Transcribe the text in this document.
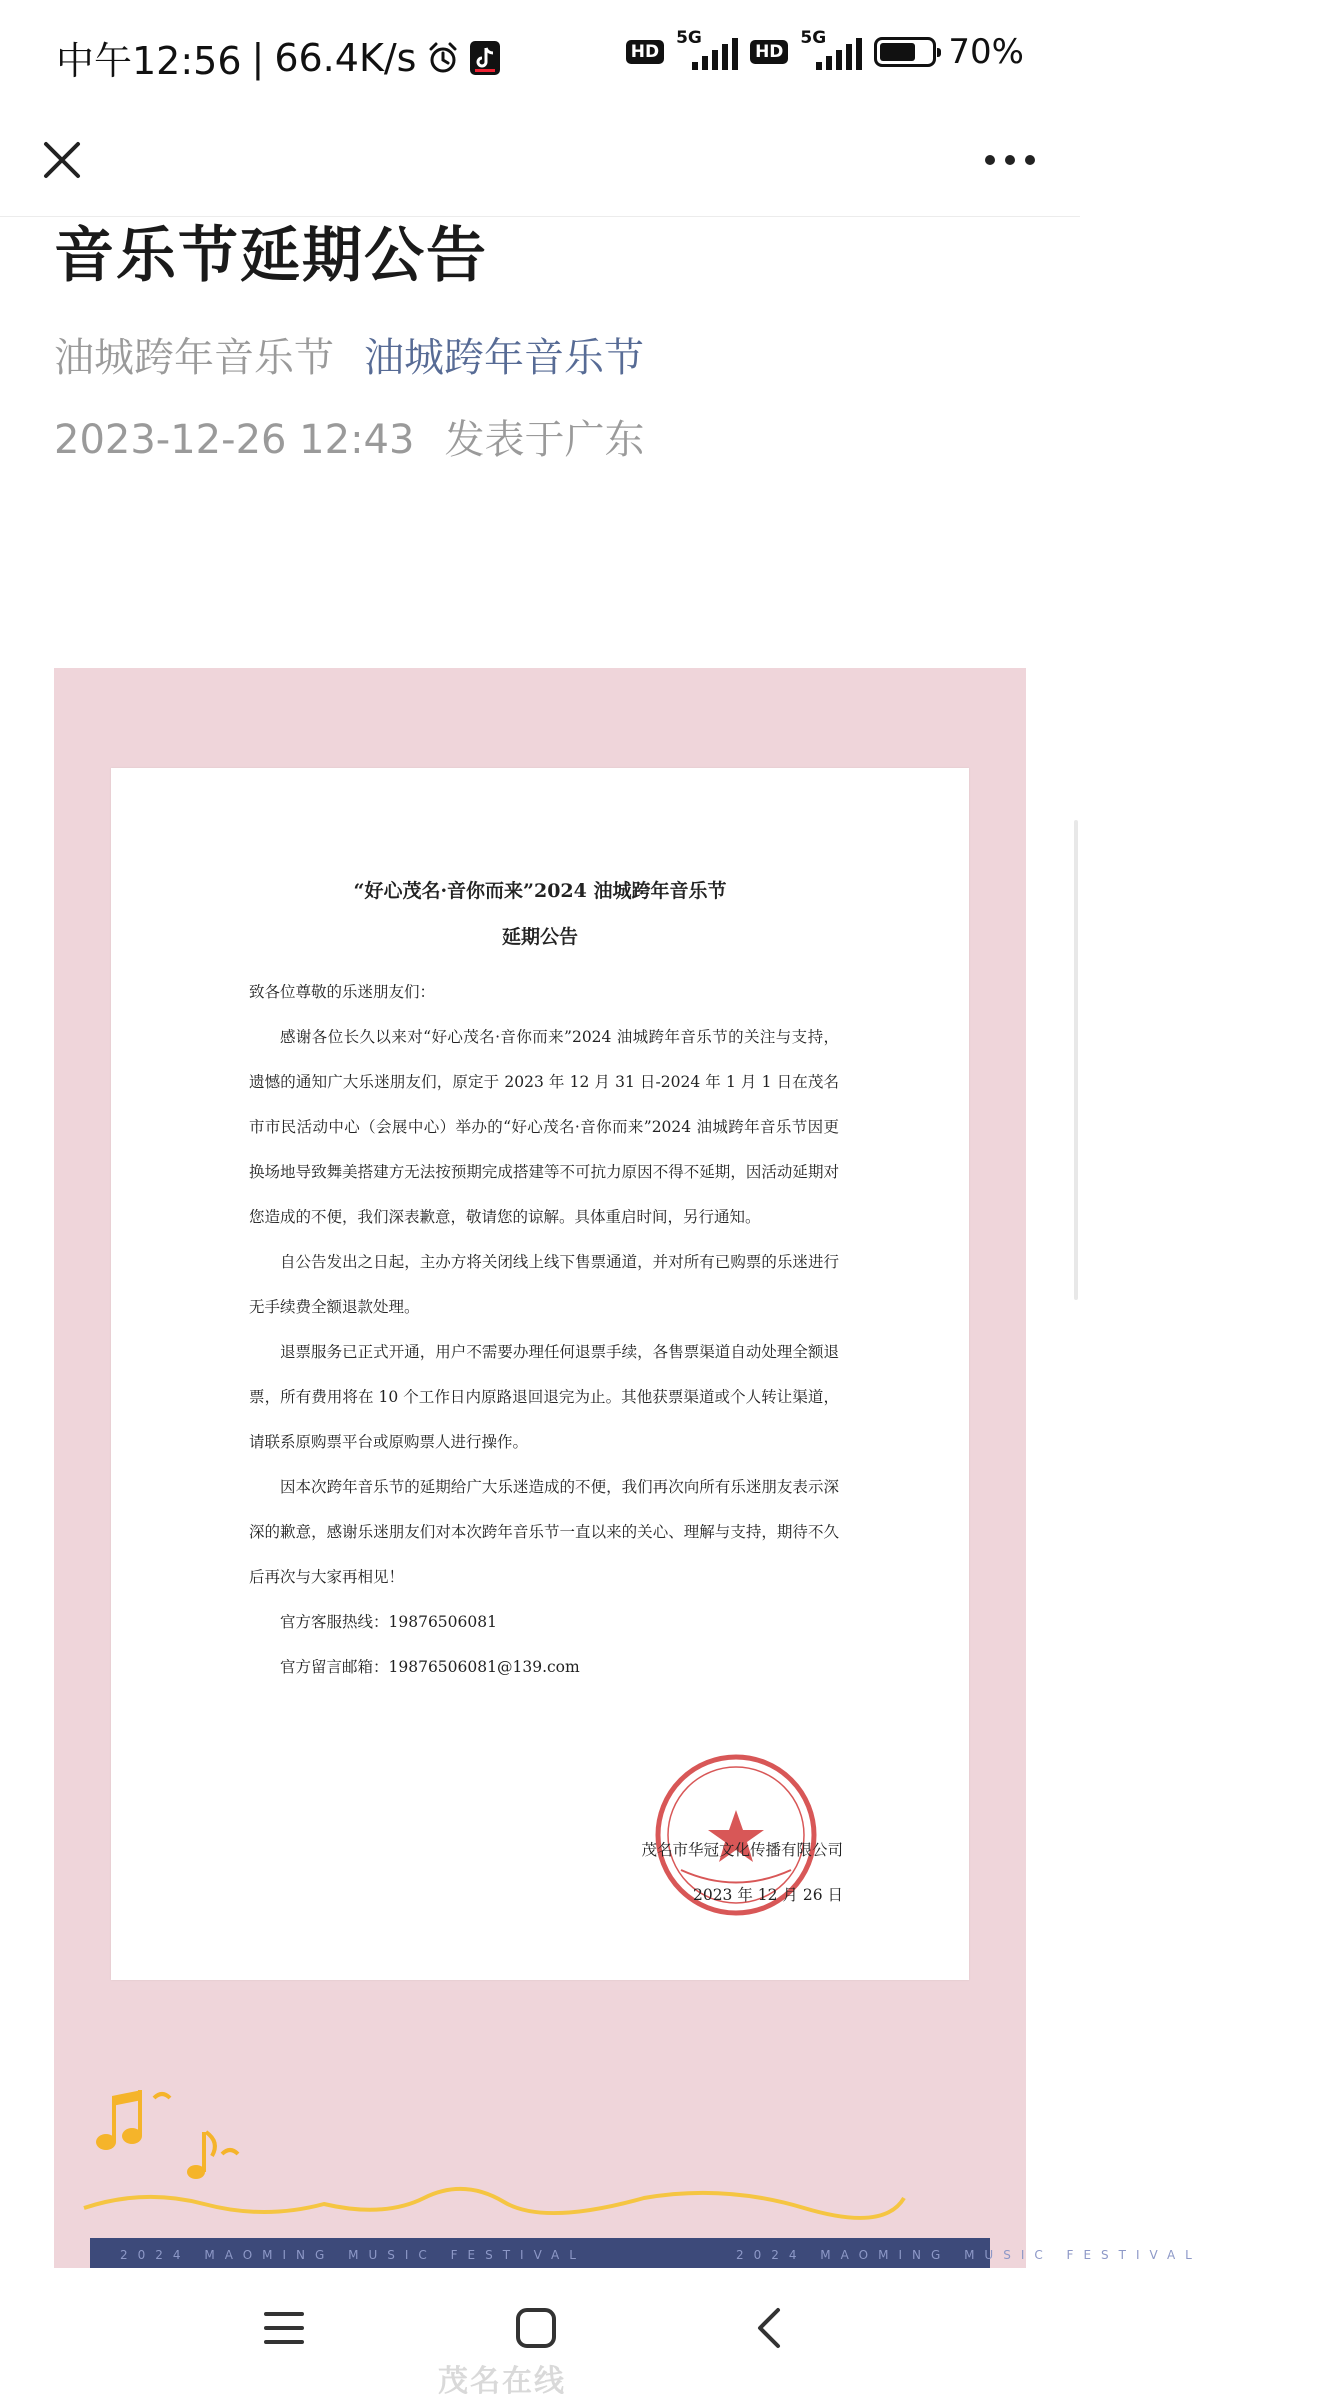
中午12:56 | 66.4K/s	HD
5G
HD
5G	70%
音乐节延期公告
油城跨年音乐节 油城跨年音乐节
2023-12-26 12:43 发表于广东
“好心茂名·音你而来”2024 油城跨年音乐节
延期公告

致各位尊敬的乐迷朋友们：

感谢各位长久以来对“好心茂名·音你而来”2024 油城跨年音乐节的关注与支持，遗憾的通知广大乐迷朋友们，原定于 2023 年 12 月 31 日-2024 年 1 月 1 日在茂名市市民活动中心（会展中心）举办的“好心茂名·音你而来”2024 油城跨年音乐节因更换场地导致舞美搭建方无法按预期完成搭建等不可抗力原因不得不延期，因活动延期对您造成的不便，我们深表歉意，敬请您的谅解。具体重启时间，另行通知。

自公告发出之日起，主办方将关闭线上线下售票通道，并对所有已购票的乐迷进行无手续费全额退款处理。

退票服务已正式开通，用户不需要办理任何退票手续，各售票渠道自动处理全额退票，所有费用将在 10 个工作日内原路退回退完为止。其他获票渠道或个人转让渠道，请联系原购票平台或原购票人进行操作。

因本次跨年音乐节的延期给广大乐迷造成的不便，我们再次向所有乐迷朋友表示深深的歉意，感谢乐迷朋友们对本次跨年音乐节一直以来的关心、理解与支持，期待不久后再次与大家再相见！

官方客服热线：19876506081

官方留言邮箱：19876506081@139.com

茂名市华冠文化传播有限公司
2023 年 12 月 26 日
2024 MAOMING MUSIC FESTIVAL	2024 MAOMING MUSIC FESTIVAL
茂名在线
